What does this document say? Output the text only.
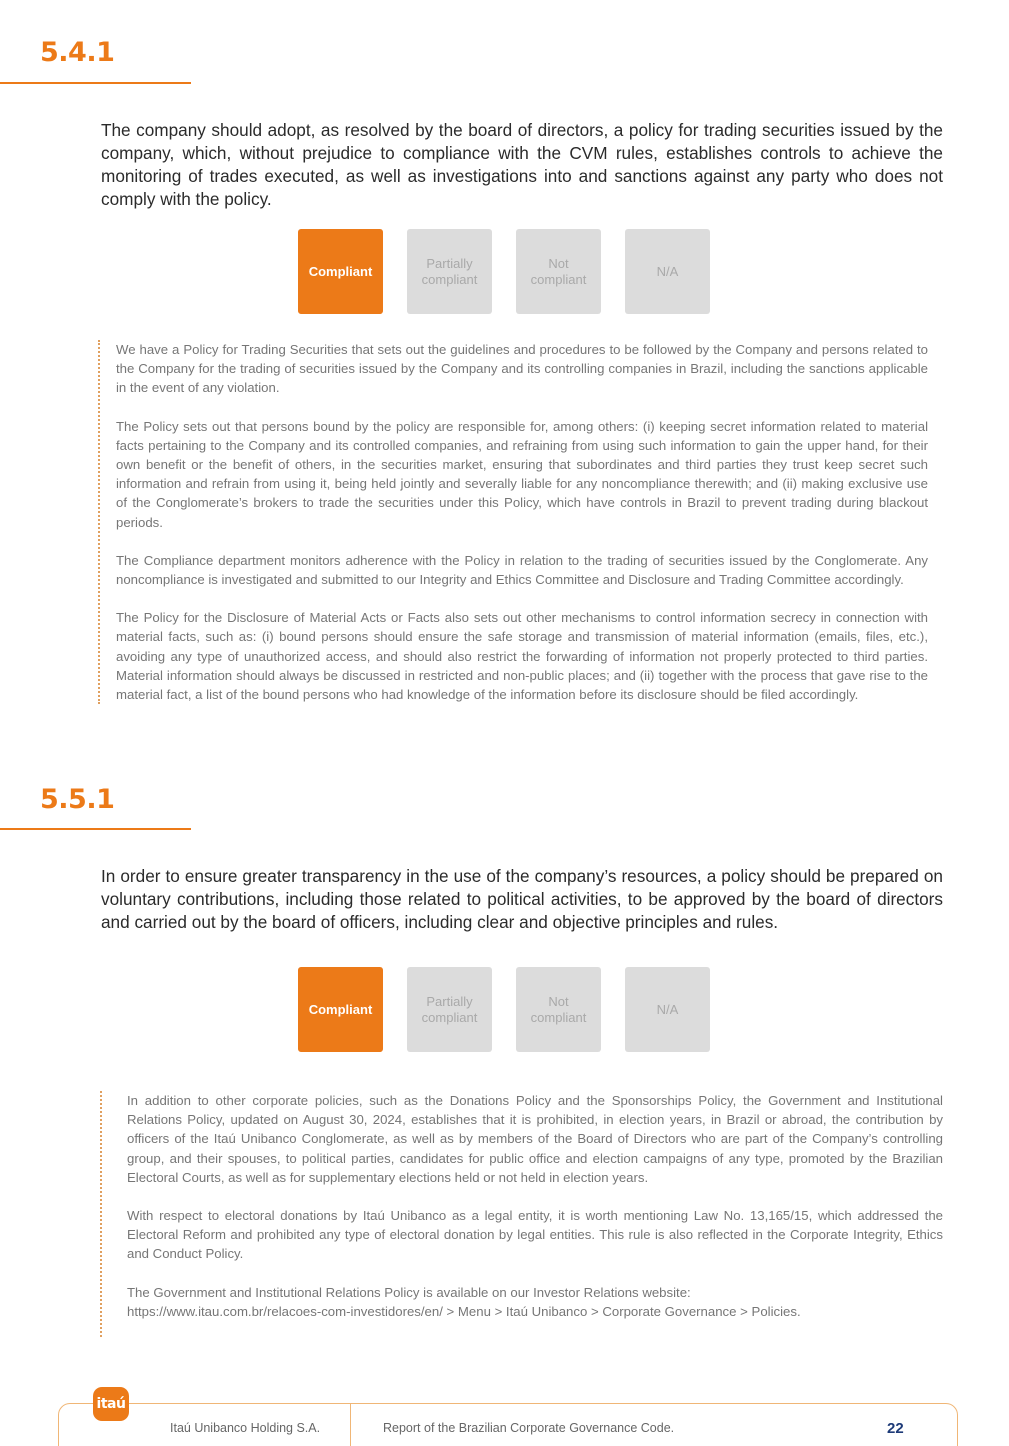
5.4.1

The company should adopt, as resolved by the board of directors, a policy for trading securities issued by the company, which, without prejudice to compliance with the CVM rules, establishes controls to achieve the monitoring of trades executed, as well as investigations into and sanctions against any party who does not comply with the policy.

Compliant
Partially compliant
Not compliant
N/A

We have a Policy for Trading Securities that sets out the guidelines and procedures to be followed by the Company and persons related to the Company for the trading of securities issued by the Company and its controlling companies in Brazil, including the sanctions applicable in the event of any violation.

The Policy sets out that persons bound by the policy are responsible for, among others: (i) keeping secret information related to material facts pertaining to the Company and its controlled companies, and refraining from using such information to gain the upper hand, for their own benefit or the benefit of others, in the securities market, ensuring that subordinates and third parties they trust keep secret such information and refrain from using it, being held jointly and severally liable for any noncompliance therewith; and (ii) making exclusive use of the Conglomerate’s brokers to trade the securities under this Policy, which have controls in Brazil to prevent trading during blackout periods.

The Compliance department monitors adherence with the Policy in relation to the trading of securities issued by the Conglomerate. Any noncompliance is investigated and submitted to our Integrity and Ethics Committee and Disclosure and Trading Committee accordingly.

The Policy for the Disclosure of Material Acts or Facts also sets out other mechanisms to control information secrecy in connection with material facts, such as: (i) bound persons should ensure the safe storage and transmission of material information (emails, files, etc.), avoiding any type of unauthorized access, and should also restrict the forwarding of information not properly protected to third parties. Material information should always be discussed in restricted and non-public places; and (ii) together with the process that gave rise to the material fact, a list of the bound persons who had knowledge of the information before its disclosure should be filed accordingly.

5.5.1

In order to ensure greater transparency in the use of the company’s resources, a policy should be prepared on voluntary contributions, including those related to political activities, to be approved by the board of directors and carried out by the board of officers, including clear and objective principles and rules.

Compliant
Partially compliant
Not compliant
N/A

In addition to other corporate policies, such as the Donations Policy and the Sponsorships Policy, the Government and Institutional Relations Policy, updated on August 30, 2024, establishes that it is prohibited, in election years, in Brazil or abroad, the contribution by officers of the Itaú Unibanco Conglomerate, as well as by members of the Board of Directors who are part of the Company’s controlling group, and their spouses, to political parties, candidates for public office and election campaigns of any type, promoted by the Brazilian Electoral Courts, as well as for supplementary elections held or not held in election years.

With respect to electoral donations by Itaú Unibanco as a legal entity, it is worth mentioning Law No. 13,165/15, which addressed the Electoral Reform and prohibited any type of electoral donation by legal entities. This rule is also reflected in the Corporate Integrity, Ethics and Conduct Policy.

The Government and Institutional Relations Policy is available on our Investor Relations website:

https://www.itau.com.br/relacoes-com-investidores/en/ > Menu > Itaú Unibanco > Corporate Governance > Policies.

Itaú Unibanco Holding S.A.	Report of the Brazilian Corporate Governance Code.	22
itaú
